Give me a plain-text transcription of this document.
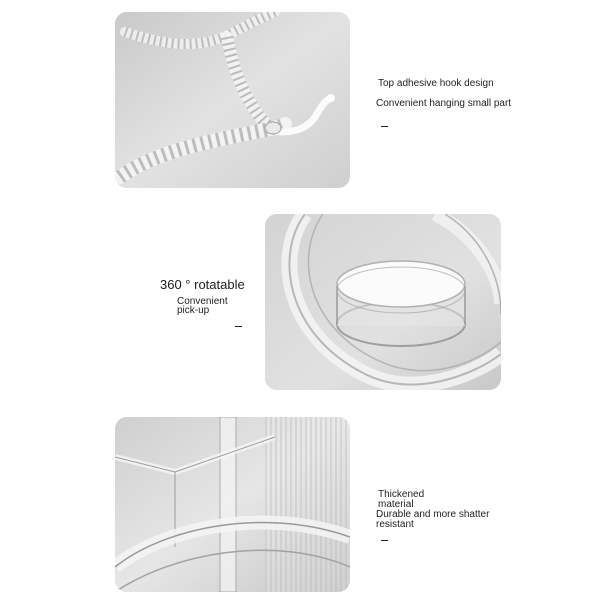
Top adhesive hook design
Convenient hanging small part
360 ° rotatable
Convenient
pick-up
Thickened
material
Durable and more shatter
resistant
